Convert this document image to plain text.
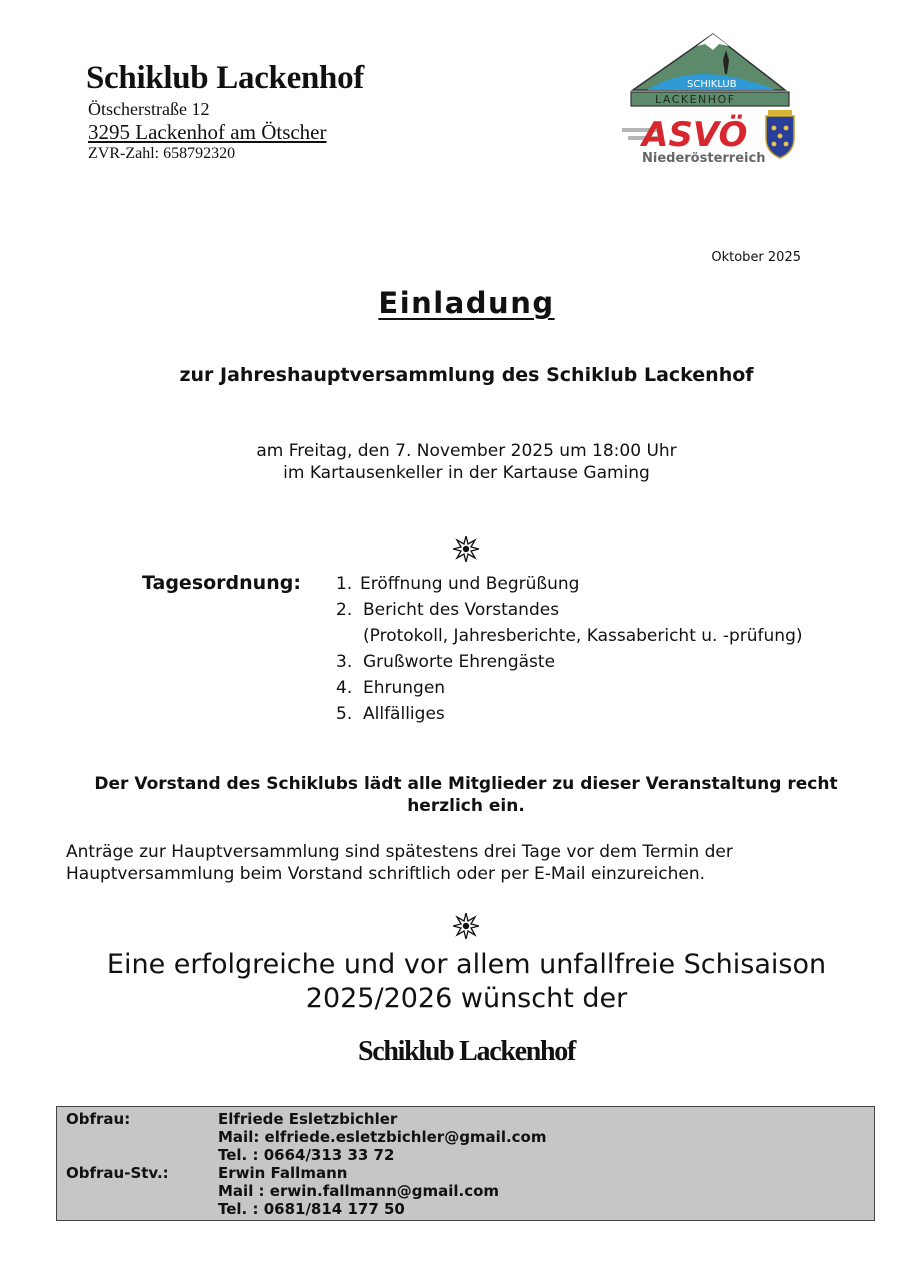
Schiklub Lackenhof
Ötscherstraße 12
3295 Lackenhof am Ötscher
ZVR-Zahl: 658792320
SCHIKLUB
LACKENHOF
ASVÖ
Niederösterreich
Oktober 2025
Einladung
zur Jahreshauptversammlung des Schiklub Lackenhof
am Freitag, den 7. November 2025 um 18:00 Uhr
im Kartausenkeller in der Kartause Gaming
Tagesordnung: 1. Eröffnung und Begrüßung
2. Bericht des Vorstandes
(Protokoll, Jahresberichte, Kassabericht u. -prüfung)
3. Grußworte Ehrengäste
4. Ehrungen
5. Allfälliges
Der Vorstand des Schiklubs lädt alle Mitglieder zu dieser Veranstaltung recht
herzlich ein.
Anträge zur Hauptversammlung sind spätestens drei Tage vor dem Termin der
Hauptversammlung beim Vorstand schriftlich oder per E-Mail einzureichen.
Eine erfolgreiche und vor allem unfallfreie Schisaison
2025/2026 wünscht der
Schiklub Lackenhof
Obfrau:	Elfriede Esletzbichler
Mail: elfriede.esletzbichler@gmail.com
Tel. : 0664/313 33 72
Obfrau-Stv.:	Erwin Fallmann
Mail : erwin.fallmann@gmail.com
Tel. : 0681/814 177 50
